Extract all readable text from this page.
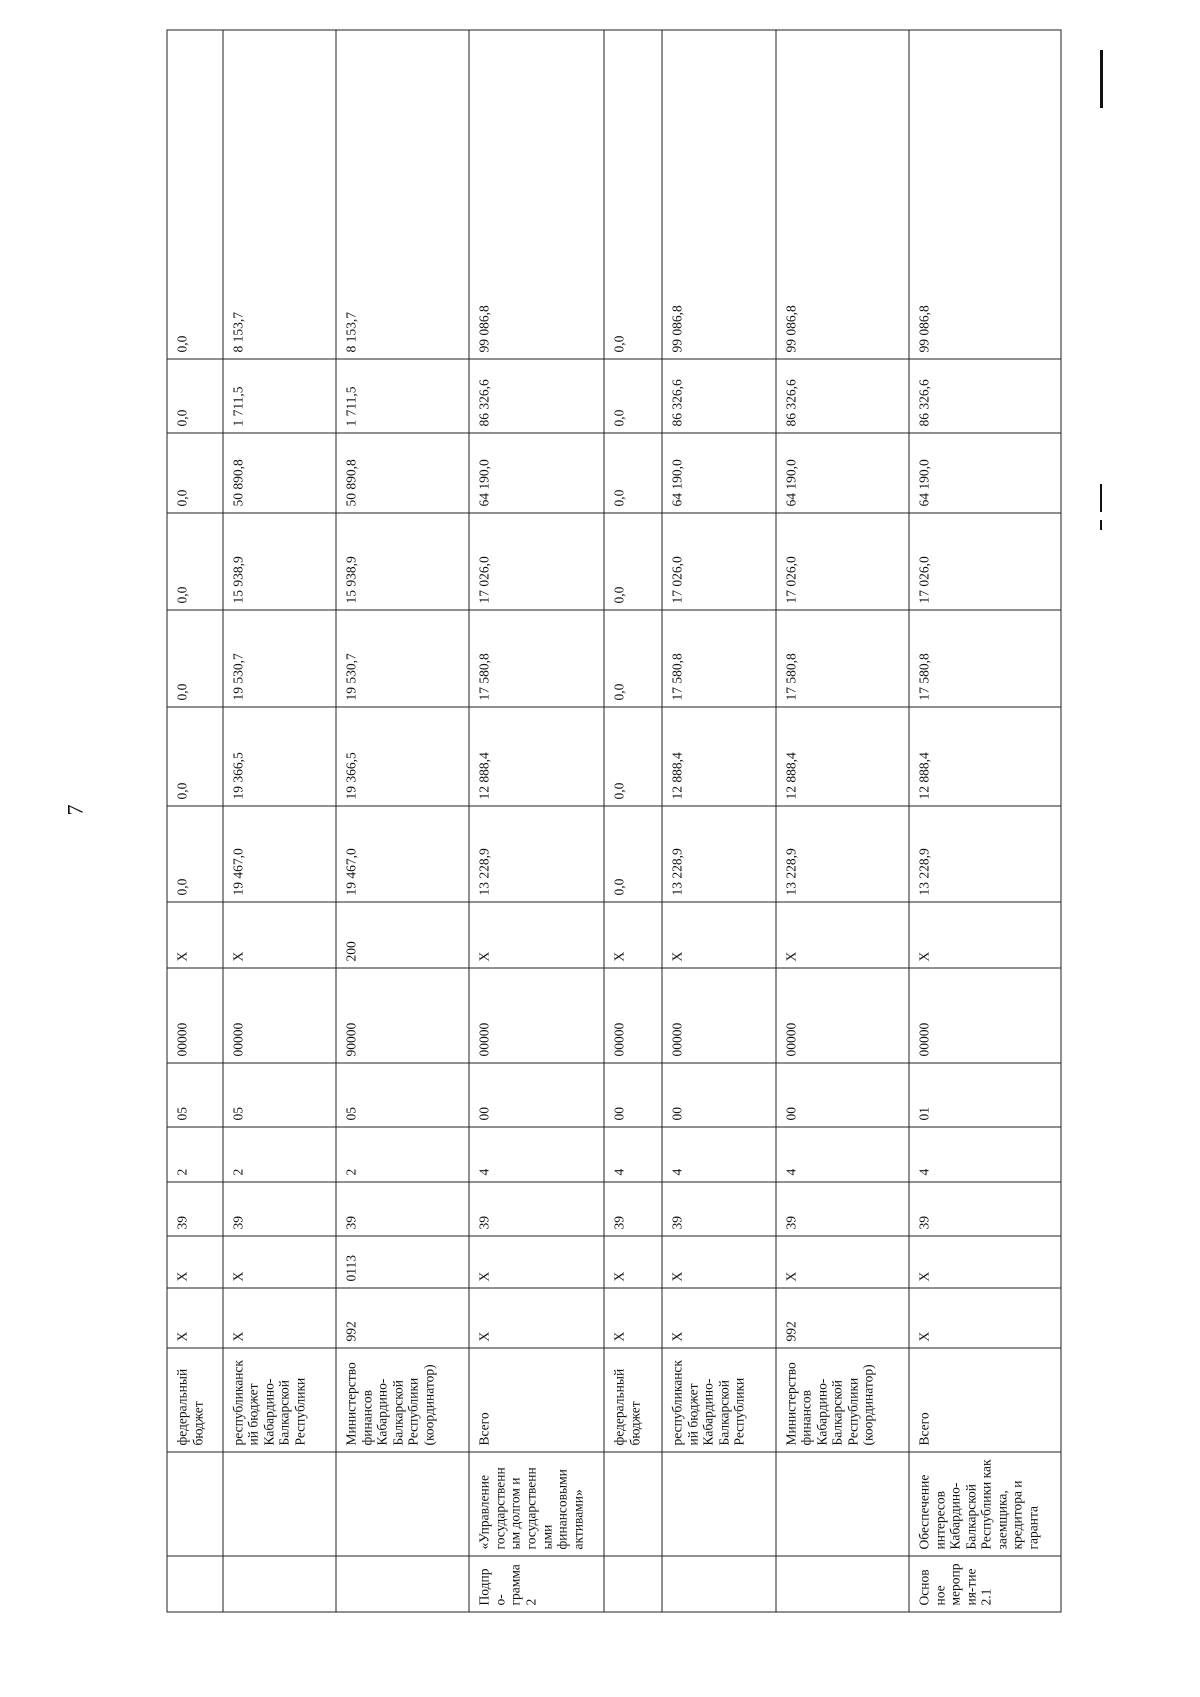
7
		федеральный бюджет	X	X	39	2	05	00000	X	0,0	0,0	0,0	0,0	0,0	0,0	0,0	
		республиканский бюджет Кабардино-Балкарской Республики	X	X	39	2	05	00000	X	19 467,0	19 366,5	19 530,7	15 938,9	50 890,8	1 711,5	8 153,7	
		Министерство финансов Кабардино-Балкарской Республики (координатор)	992	0113	39	2	05	90000	200	19 467,0	19 366,5	19 530,7	15 938,9	50 890,8	1 711,5	8 153,7	
Подпро-грамма 2	«Управление государственным долгом и государственными финансовыми активами»	Всего	X	X	39	4	00	00000	X	13 228,9	12 888,4	17 580,8	17 026,0	64 190,0	86 326,6	99 086,8	
		федеральный бюджет	X	X	39	4	00	00000	X	0,0	0,0	0,0	0,0	0,0	0,0	0,0	
		республиканский бюджет Кабардино-Балкарской Республики	X	X	39	4	00	00000	X	13 228,9	12 888,4	17 580,8	17 026,0	64 190,0	86 326,6	99 086,8	
		Министерство финансов Кабардино-Балкарской Республики (координатор)	992	X	39	4	00	00000	X	13 228,9	12 888,4	17 580,8	17 026,0	64 190,0	86 326,6	99 086,8	
Основное мероприя-тие 2.1	Обеспечение интересов Кабардино-Балкарской Республики как заемщика, кредитора и гаранта	Всего	X	X	39	4	01	00000	X	13 228,9	12 888,4	17 580,8	17 026,0	64 190,0	86 326,6	99 086,8	
